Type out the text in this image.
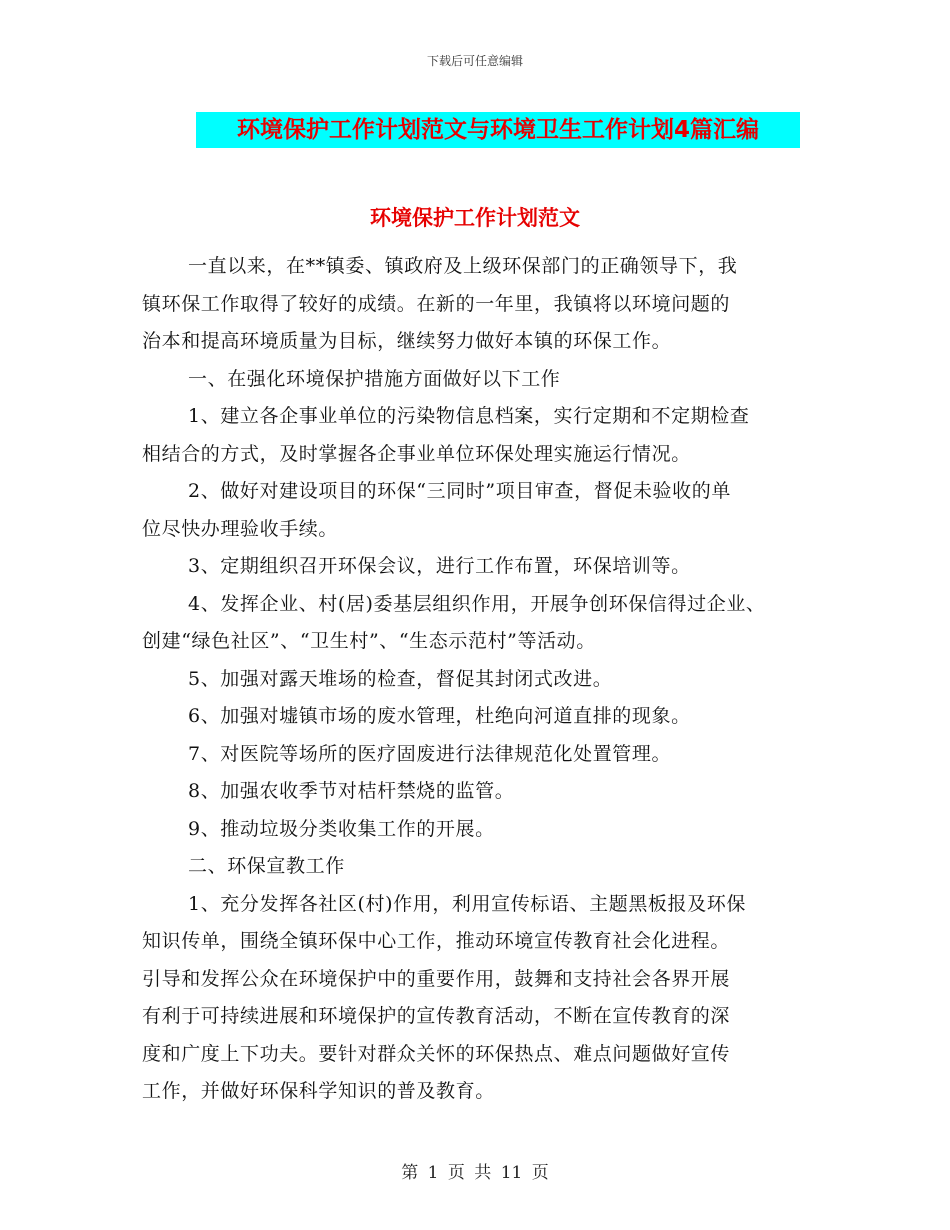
下载后可任意编辑
环境保护工作计划范文与环境卫生工作计划4篇汇编
环境保护工作计划范文
一直以来，在**镇委、镇政府及上级环保部门的正确领导下，我
镇环保工作取得了较好的成绩。在新的一年里，我镇将以环境问题的
治本和提高环境质量为目标，继续努力做好本镇的环保工作。
一、在强化环境保护措施方面做好以下工作
1、建立各企事业单位的污染物信息档案，实行定期和不定期检查
相结合的方式，及时掌握各企事业单位环保处理实施运行情况。
2、做好对建设项目的环保“三同时”项目审查，督促未验收的单
位尽快办理验收手续。
3、定期组织召开环保会议，进行工作布置，环保培训等。
4、发挥企业、村(居)委基层组织作用，开展争创环保信得过企业、
创建“绿色社区”、“卫生村”、“生态示范村”等活动。
5、加强对露天堆场的检查，督促其封闭式改进。
6、加强对墟镇市场的废水管理，杜绝向河道直排的现象。
7、对医院等场所的医疗固废进行法律规范化处置管理。
8、加强农收季节对桔杆禁烧的监管。
9、推动垃圾分类收集工作的开展。
二、环保宣教工作
1、充分发挥各社区(村)作用，利用宣传标语、主题黑板报及环保
知识传单，围绕全镇环保中心工作，推动环境宣传教育社会化进程。
引导和发挥公众在环境保护中的重要作用，鼓舞和支持社会各界开展
有利于可持续进展和环境保护的宣传教育活动，不断在宣传教育的深
度和广度上下功夫。要针对群众关怀的环保热点、难点问题做好宣传
工作，并做好环保科学知识的普及教育。
第 1 页 共 11 页
